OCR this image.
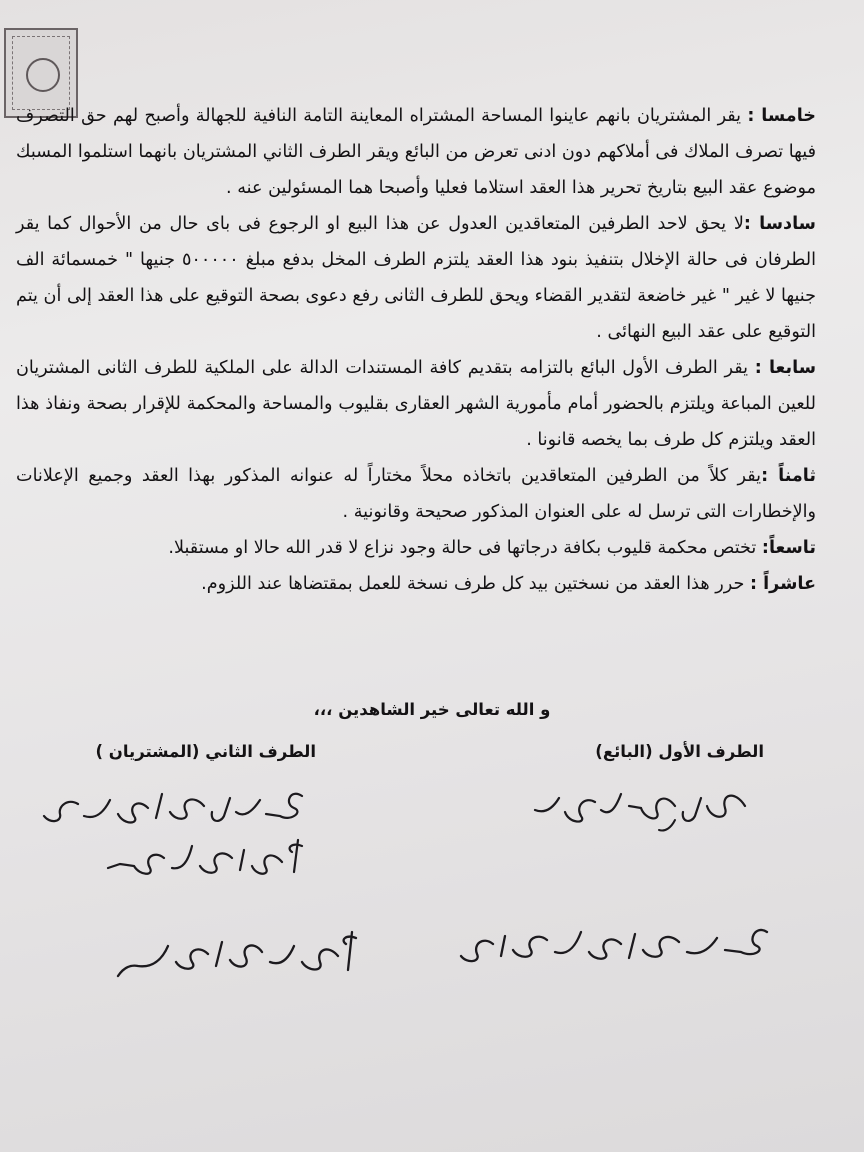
خامسا : يقر المشتريان بانهم عاينوا المساحة المشتراه المعاينة التامة النافية للجهالة وأصبح لهم حق التصرف فيها تصرف الملاك فى أملاكهم دون ادنى تعرض من البائع ويقر الطرف الثاني المشتريان بانهما استلموا المسبك موضوع عقد البيع بتاريخ تحرير هذا العقد استلاما فعليا وأصبحا هما المسئولين عنه .

سادسا :لا يحق لاحد الطرفين المتعاقدين العدول عن هذا البيع او الرجوع فى باى حال من الأحوال كما يقر الطرفان فى حالة الإخلال بتنفيذ بنود هذا العقد يلتزم الطرف المخل بدفع مبلغ ٥٠٠٠٠٠ جنيها " خمسمائة الف جنيها لا غير " غير خاضعة لتقدير القضاء ويحق للطرف الثانى رفع دعوى بصحة التوقيع على هذا العقد إلى أن يتم التوقيع على عقد البيع النهائى .

سابعا : يقر الطرف الأول البائع بالتزامه بتقديم كافة المستندات الدالة على الملكية للطرف الثانى المشتريان للعين المباعة ويلتزم بالحضور أمام مأمورية الشهر العقارى بقليوب والمساحة والمحكمة للإقرار بصحة ونفاذ هذا العقد ويلتزم كل طرف بما يخصه قانونا .

ثامناً :يقر كلاً من الطرفين المتعاقدين باتخاذه محلاً مختاراً له عنوانه المذكور بهذا العقد وجميع الإعلانات والإخطارات التى ترسل له على العنوان المذكور صحيحة وقانونية .

تاسعاً: تختص محكمة قليوب بكافة درجاتها فى حالة وجود نزاع لا قدر الله حالا او مستقبلا.

عاشراً : حرر هذا العقد من نسختين بيد كل طرف نسخة للعمل بمقتضاها عند اللزوم.

و الله تعالى خير الشاهدين ،،،
الطرف الأول (البائع)
الطرف الثاني (المشتريان )
